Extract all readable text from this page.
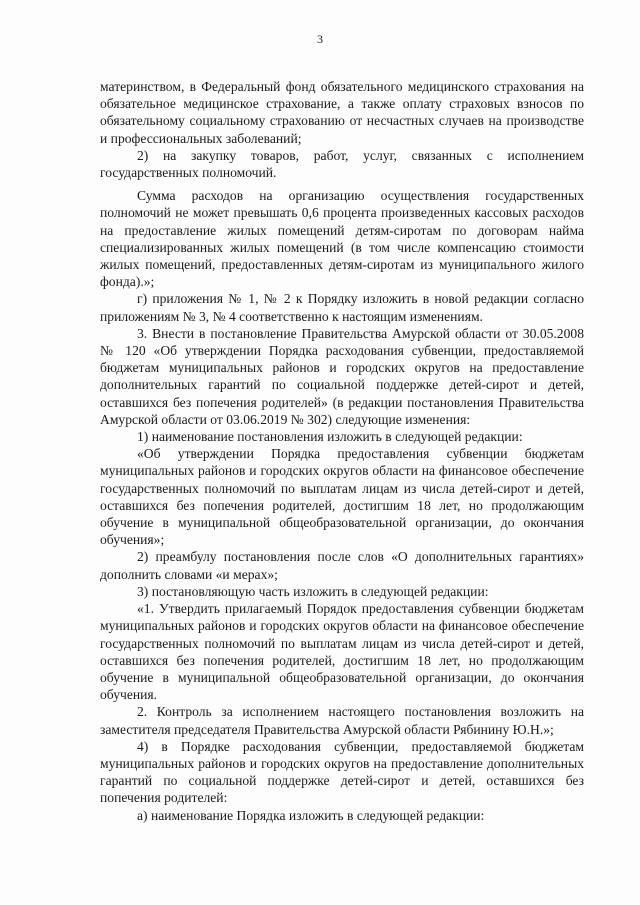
3

материнством, в Федеральный фонд обязательного медицинского страхования на обязательное медицинское страхование, а также оплату страховых взносов по обязательному социальному страхованию от несчастных случаев на производстве и профессиональных заболеваний;

2) на закупку товаров, работ, услуг, связанных с исполнением государственных полномочий.

Сумма расходов на организацию осуществления государственных полномочий не может превышать 0,6 процента произведенных кассовых расходов на предоставление жилых помещений детям-сиротам по договорам найма специализированных жилых помещений (в том числе компенсацию стоимости жилых помещений, предоставленных детям-сиротам из муниципального жилого фонда).»;

г) приложения № 1, № 2 к Порядку изложить в новой редакции согласно приложениям № 3, № 4 соответственно к настоящим изменениям.

3. Внести в постановление Правительства Амурской области от 30.05.2008 № 120 «Об утверждении Порядка расходования субвенции, предоставляемой бюджетам муниципальных районов и городских округов на предоставление дополнительных гарантий по социальной поддержке детей-сирот и детей, оставшихся без попечения родителей» (в редакции постановления Правительства Амурской области от 03.06.2019 № 302) следующие изменения:

1) наименование постановления изложить в следующей редакции:

«Об утверждении Порядка предоставления субвенции бюджетам муниципальных районов и городских округов области на финансовое обеспечение государственных полномочий по выплатам лицам из числа детей-сирот и детей, оставшихся без попечения родителей, достигшим 18 лет, но продолжающим обучение в муниципальной общеобразовательной организации, до окончания обучения»;

2) преамбулу постановления после слов «О дополнительных гарантиях» дополнить словами «и мерах»;

3) постановляющую часть изложить в следующей редакции:

«1. Утвердить прилагаемый Порядок предоставления субвенции бюджетам муниципальных районов и городских округов области на финансовое обеспечение государственных полномочий по выплатам лицам из числа детей-сирот и детей, оставшихся без попечения родителей, достигшим 18 лет, но продолжающим обучение в муниципальной общеобразовательной организации, до окончания обучения.

2. Контроль за исполнением настоящего постановления возложить на заместителя председателя Правительства Амурской области Рябинину Ю.Н.»;

4) в Порядке расходования субвенции, предоставляемой бюджетам муниципальных районов и городских округов на предоставление дополнительных гарантий по социальной поддержке детей-сирот и детей, оставшихся без попечения родителей:

а) наименование Порядка изложить в следующей редакции:
